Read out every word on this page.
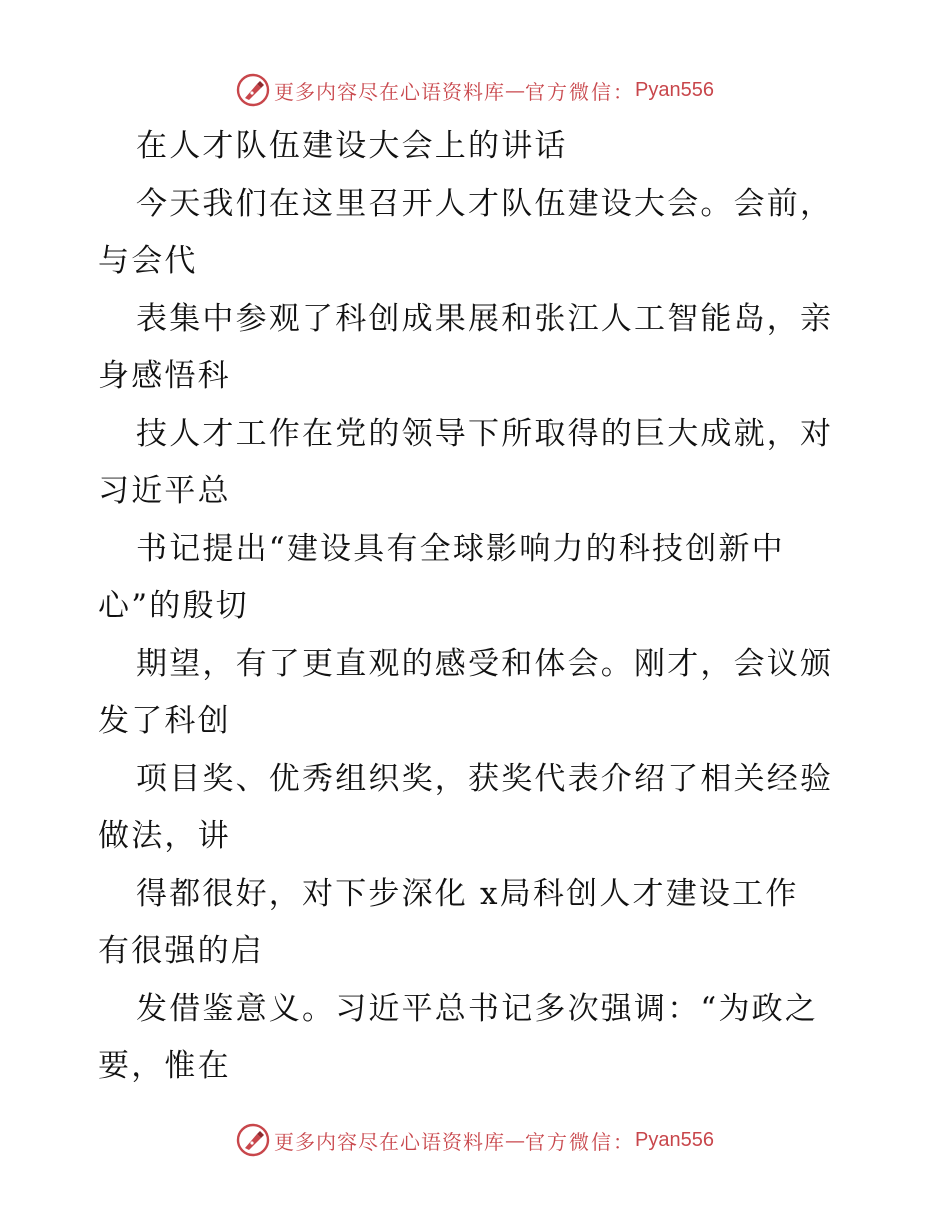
更多内容尽在心语资料库 — 官方微信： Pyan556
在人才队伍建设大会上的讲话
今天我们在这里召开人才队伍建设大会。会前，
与会代
表集中参观了科创成果展和张江人工智能岛，亲
身感悟科
技人才工作在党的领导下所取得的巨大成就，对
习近平总
书记提出“建设具有全球影响力的科技创新中
心”的殷切
期望，有了更直观的感受和体会。刚才，会议颁
发了科创
项目奖、优秀组织奖，获奖代表介绍了相关经验
做法，讲
得都很好，对下步深化 x局科创人才建设工作
有很强的启
发借鉴意义。习近平总书记多次强调：“为政之
要，惟在
更多内容尽在心语资料库 — 官方微信： Pyan556
